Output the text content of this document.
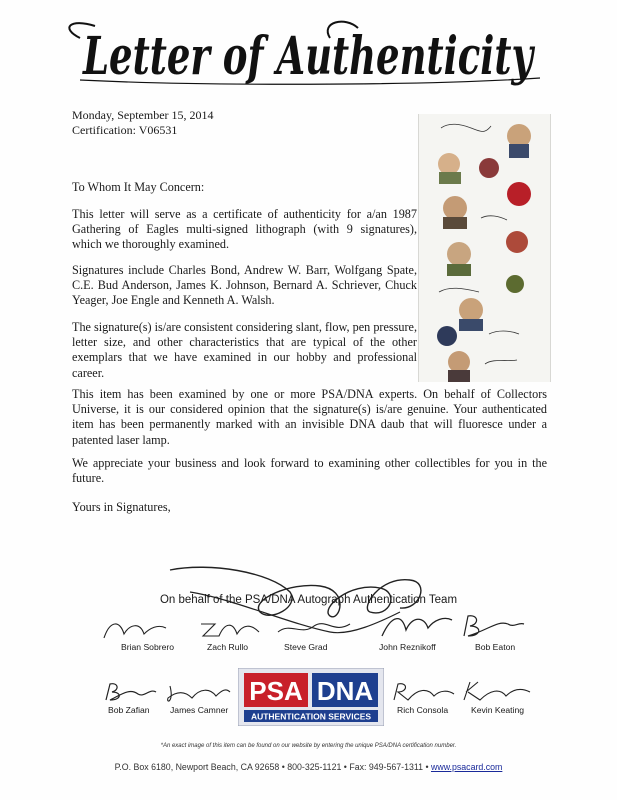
Letter of Authenticity
Monday, September 15, 2014
Certification: V06531
To Whom It May Concern:
This letter will serve as a certificate of authenticity for a/an 1987 Gathering of Eagles multi-signed lithograph (with 9 signatures), which we thoroughly examined.
Signatures include Charles Bond, Andrew W. Barr, Wolfgang Spate, C.E. Bud Anderson, James K. Johnson, Bernard A. Schriever, Chuck Yeager, Joe Engle and Kenneth A. Walsh.
The signature(s) is/are consistent considering slant, flow, pen pressure, letter size, and other characteristics that are typical of the other exemplars that we have examined in our hobby and professional career.
This item has been examined by one or more PSA/DNA experts. On behalf of Collectors Universe, it is our considered opinion that the signature(s) is/are genuine. Your authenticated item has been permanently marked with an invisible DNA daub that will fluoresce under a patented laser lamp.
We appreciate your business and look forward to examining other collectibles for you in the future.
Yours in Signatures,
On behalf of the PSA/DNA Autograph Authentication Team
Brian Sobrero	Zach Rullo	Steve Grad	John Reznikoff	Bob Eaton
Bob Zafian James Camner	Rich Consola	Kevin Keating
PSA DNA
AUTHENTICATION SERVICES
*An exact image of this item can be found on our website by entering the unique PSA/DNA certification number.
P.O. Box 6180, Newport Beach, CA 92658 • 800-325-1121 • Fax: 949-567-1311 • www.psacard.com
